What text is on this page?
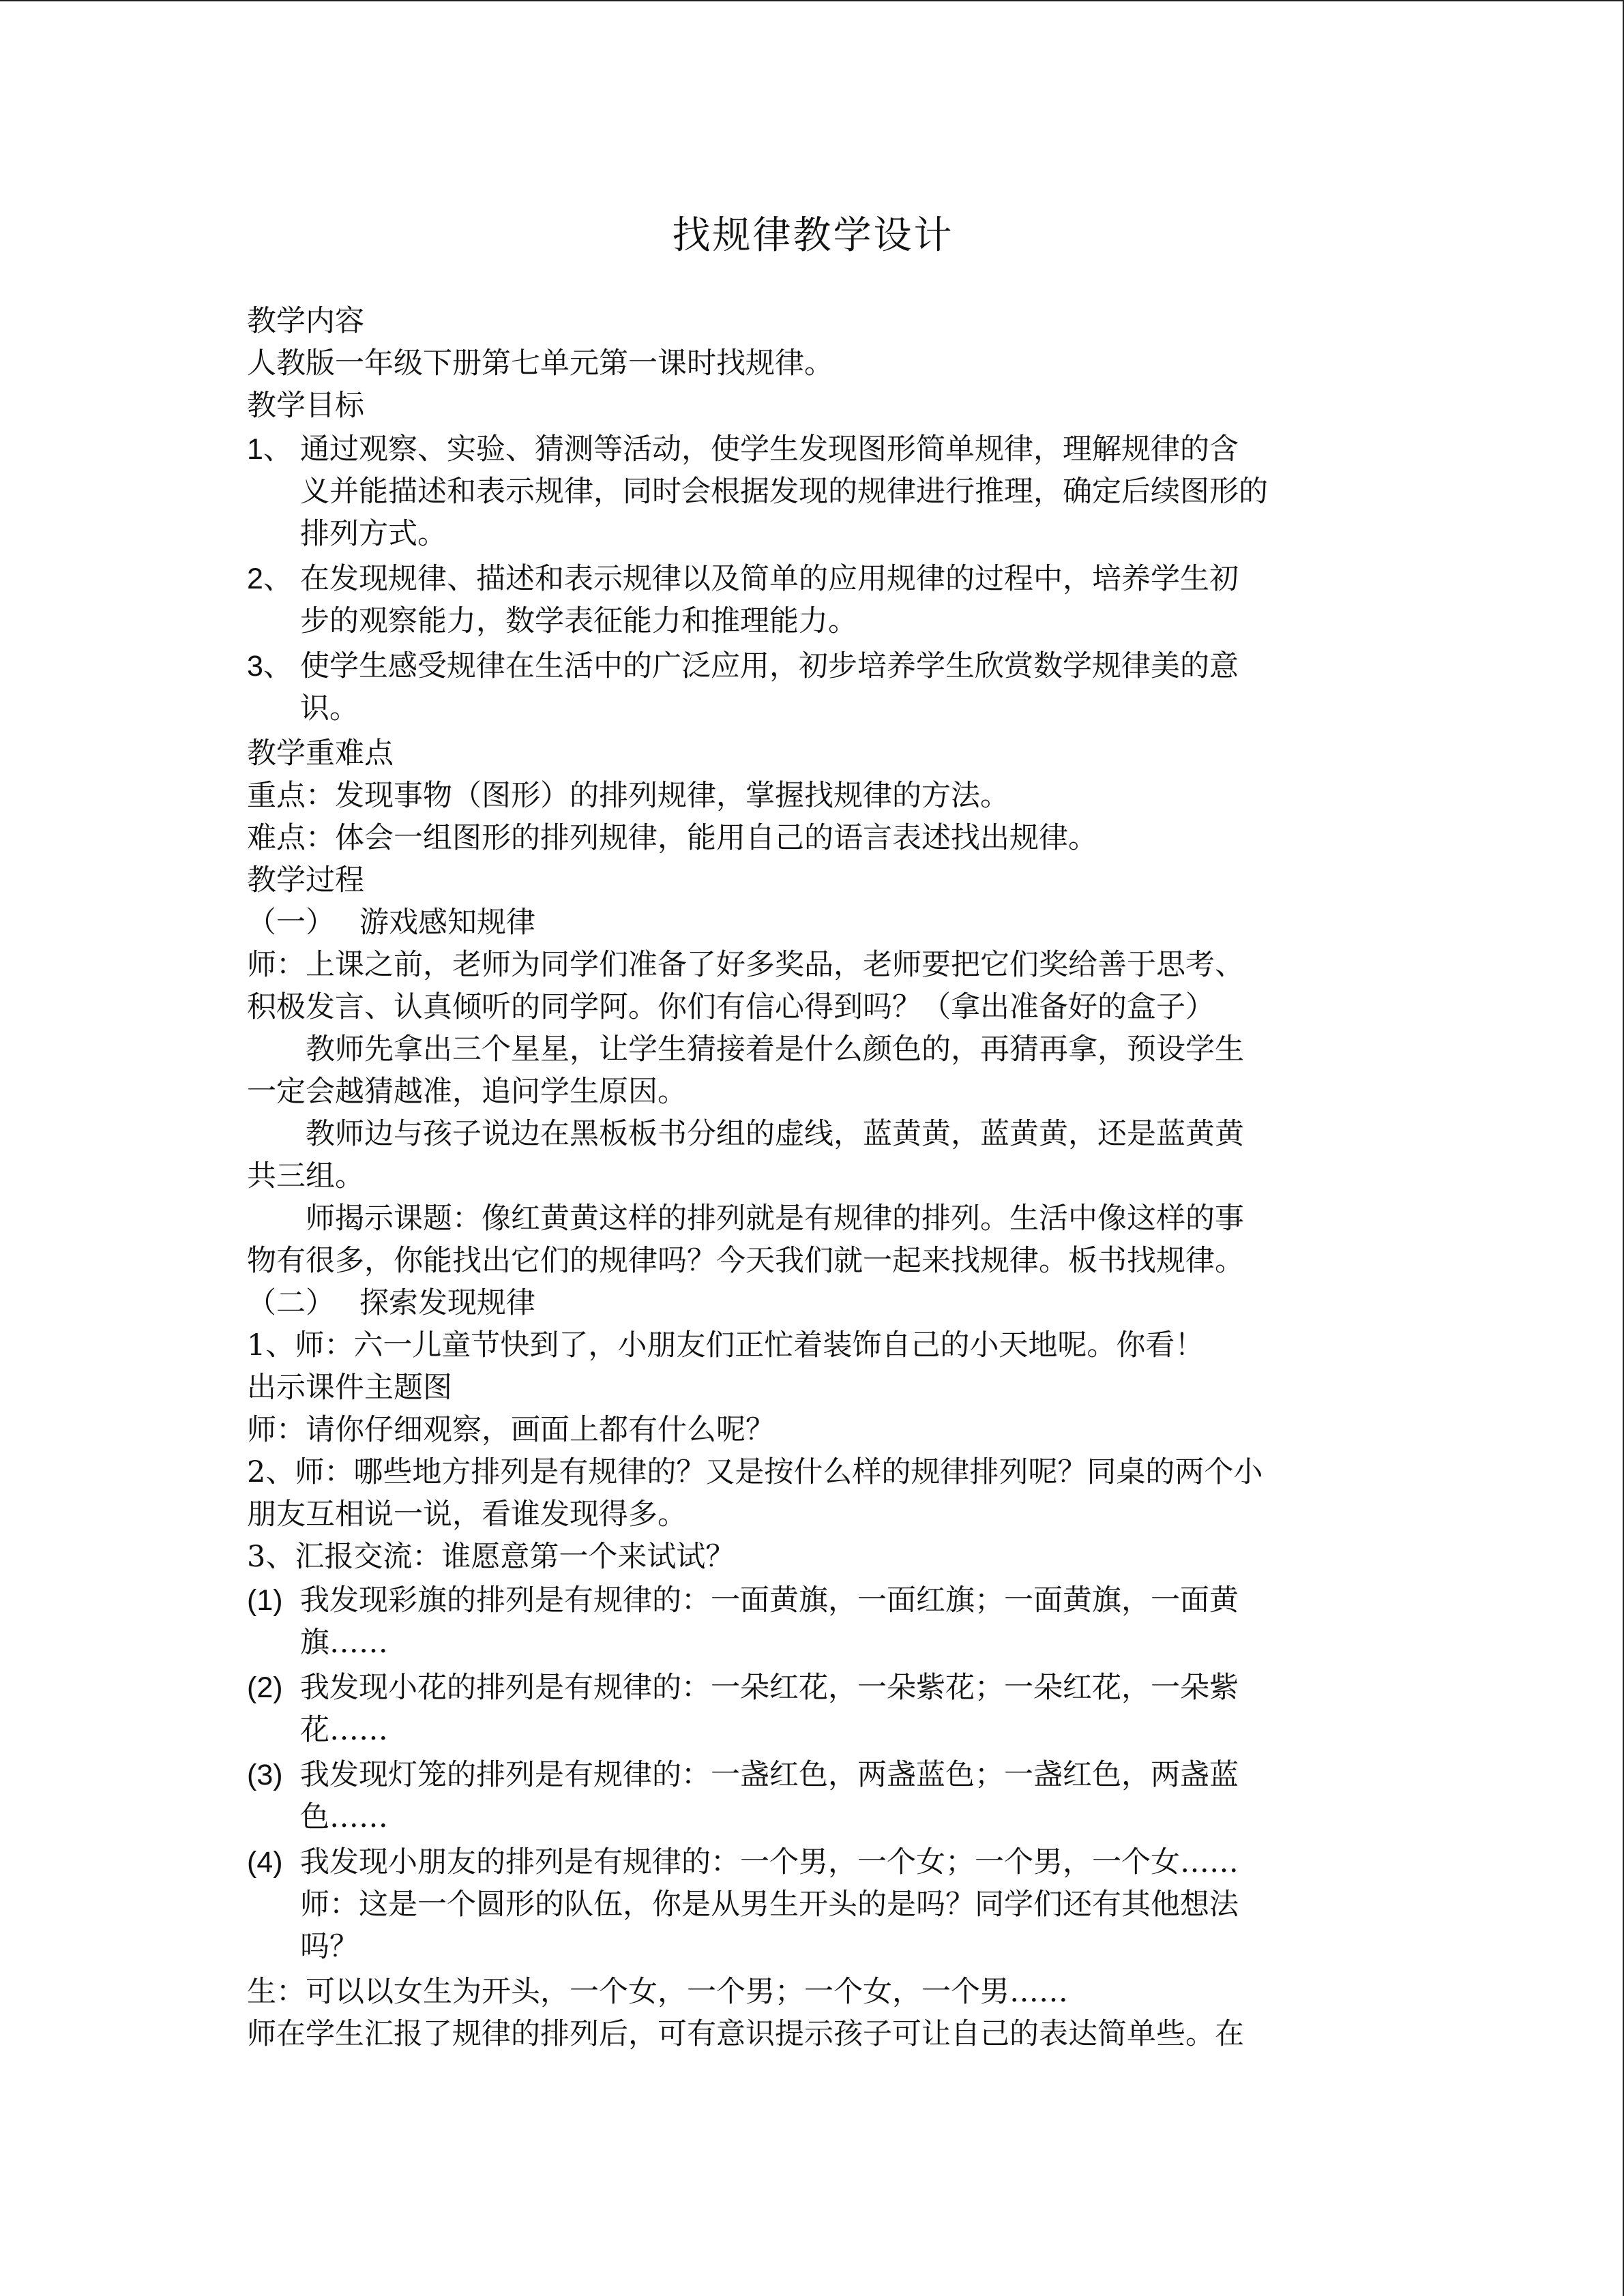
找规律教学设计
教学内容
人教版一年级下册第七单元第一课时找规律。
教学目标
1、 通过观察、实验、猜测等活动，使学生发现图形简单规律，理解规律的含
义并能描述和表示规律，同时会根据发现的规律进行推理，确定后续图形的
排列方式。
2、 在发现规律、描述和表示规律以及简单的应用规律的过程中，培养学生初
步的观察能力，数学表征能力和推理能力。
3、 使学生感受规律在生活中的广泛应用，初步培养学生欣赏数学规律美的意
识。
教学重难点
重点：发现事物（图形）的排列规律，掌握找规律的方法。
难点：体会一组图形的排列规律，能用自己的语言表述找出规律。
教学过程
（一） 游戏感知规律
师：上课之前，老师为同学们准备了好多奖品，老师要把它们奖给善于思考、
积极发言、认真倾听的同学阿。你们有信心得到吗？（拿出准备好的盒子）
教师先拿出三个星星，让学生猜接着是什么颜色的，再猜再拿，预设学生
一定会越猜越准，追问学生原因。
教师边与孩子说边在黑板板书分组的虚线，蓝黄黄，蓝黄黄，还是蓝黄黄
共三组。
师揭示课题：像红黄黄这样的排列就是有规律的排列。生活中像这样的事
物有很多，你能找出它们的规律吗？今天我们就一起来找规律。板书找规律。
（二） 探索发现规律
1、师：六一儿童节快到了，小朋友们正忙着装饰自己的小天地呢。你看！
出示课件主题图
师：请你仔细观察，画面上都有什么呢？
2、师：哪些地方排列是有规律的？又是按什么样的规律排列呢？同桌的两个小
朋友互相说一说，看谁发现得多。
3、汇报交流：谁愿意第一个来试试？
(1) 我发现彩旗的排列是有规律的：一面黄旗，一面红旗；一面黄旗，一面黄
旗……
(2) 我发现小花的排列是有规律的：一朵红花，一朵紫花；一朵红花，一朵紫
花……
(3) 我发现灯笼的排列是有规律的：一盏红色，两盏蓝色；一盏红色，两盏蓝
色……
(4) 我发现小朋友的排列是有规律的：一个男，一个女；一个男，一个女……
师：这是一个圆形的队伍，你是从男生开头的是吗？同学们还有其他想法
吗？
生：可以以女生为开头，一个女，一个男；一个女，一个男……
师在学生汇报了规律的排列后，可有意识提示孩子可让自己的表达简单些。在
